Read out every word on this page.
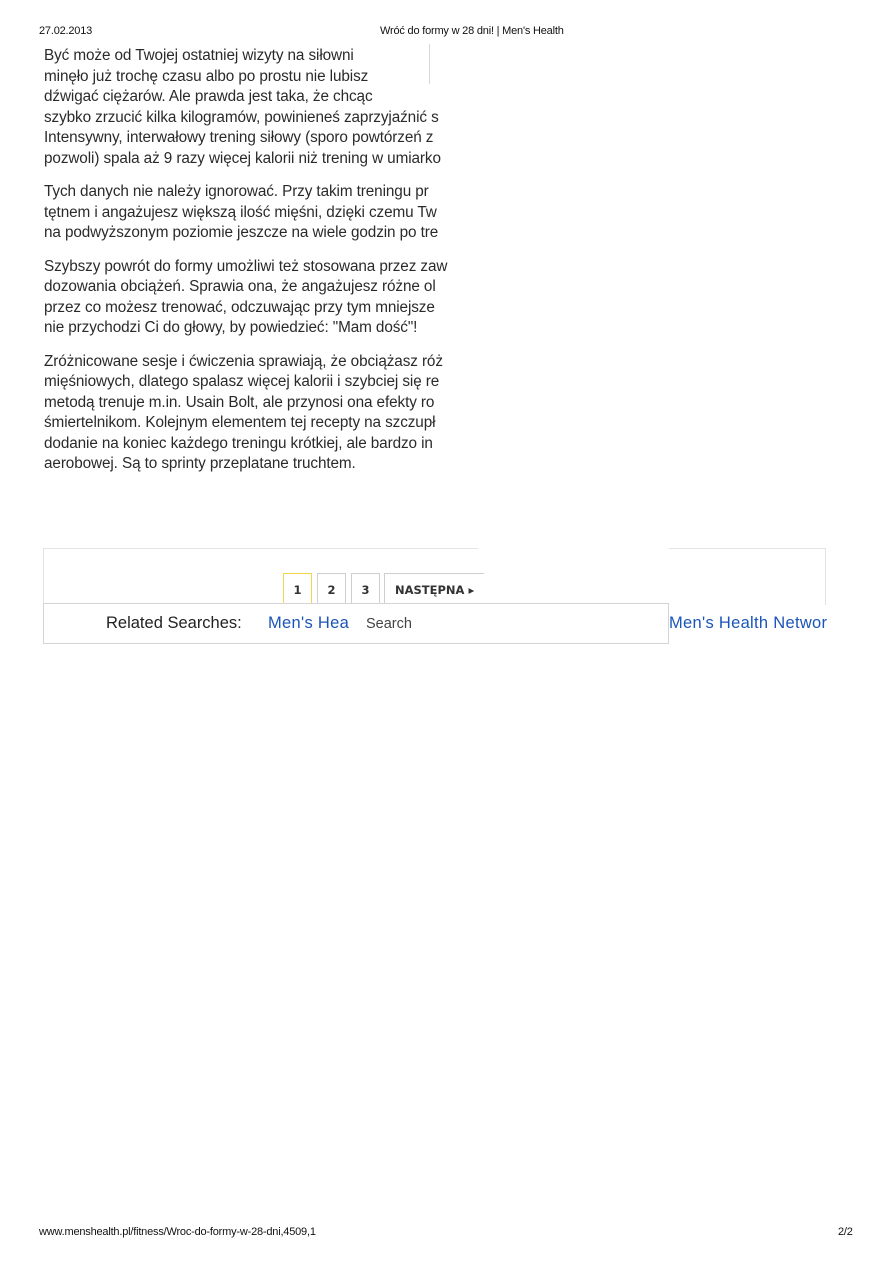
27.02.2013	Wróć do formy w 28 dni! | Men's Health

Być może od Twojej ostatniej wizyty na siłowni
minęło już trochę czasu albo po prostu nie lubisz
dźwigać ciężarów. Ale prawda jest taka, że chcąc
szybko zrzucić kilka kilogramów, powinieneś zaprzyjaźnić s
Intensywny, interwałowy trening siłowy (sporo powtórzeń z
pozwoli) spala aż 9 razy więcej kalorii niż trening w umiarko

Tych danych nie należy ignorować. Przy takim treningu pr
tętnem i angażujesz większą ilość mięśni, dzięki czemu Tw
na podwyższonym poziomie jeszcze na wiele godzin po tre

Szybszy powrót do formy umożliwi też stosowana przez zaw
dozowania obciążeń. Sprawia ona, że angażujesz różne ol
przez co możesz trenować, odczuwając przy tym mniejsze
nie przychodzi Ci do głowy, by powiedzieć: "Mam dość"!

Zróżnicowane sesje i ćwiczenia sprawiają, że obciążasz róż
mięśniowych, dlatego spalasz więcej kalorii i szybciej się re
metodą trenuje m.in. Usain Bolt, ale przynosi ona efekty ro
śmiertelnikom. Kolejnym elementem tej recepty na szczupł
dodanie na koniec każdego treningu krótkiej, ale bardzo in
aerobowej. Są to sprinty przeplatane truchtem.

1	2	3	NASTĘPNA ▸
Related Searches: Men's Hea	Search	Men's Health Networ
www.menshealth.pl/fitness/Wroc-do-formy-w-28-dni,4509,1	2/2
